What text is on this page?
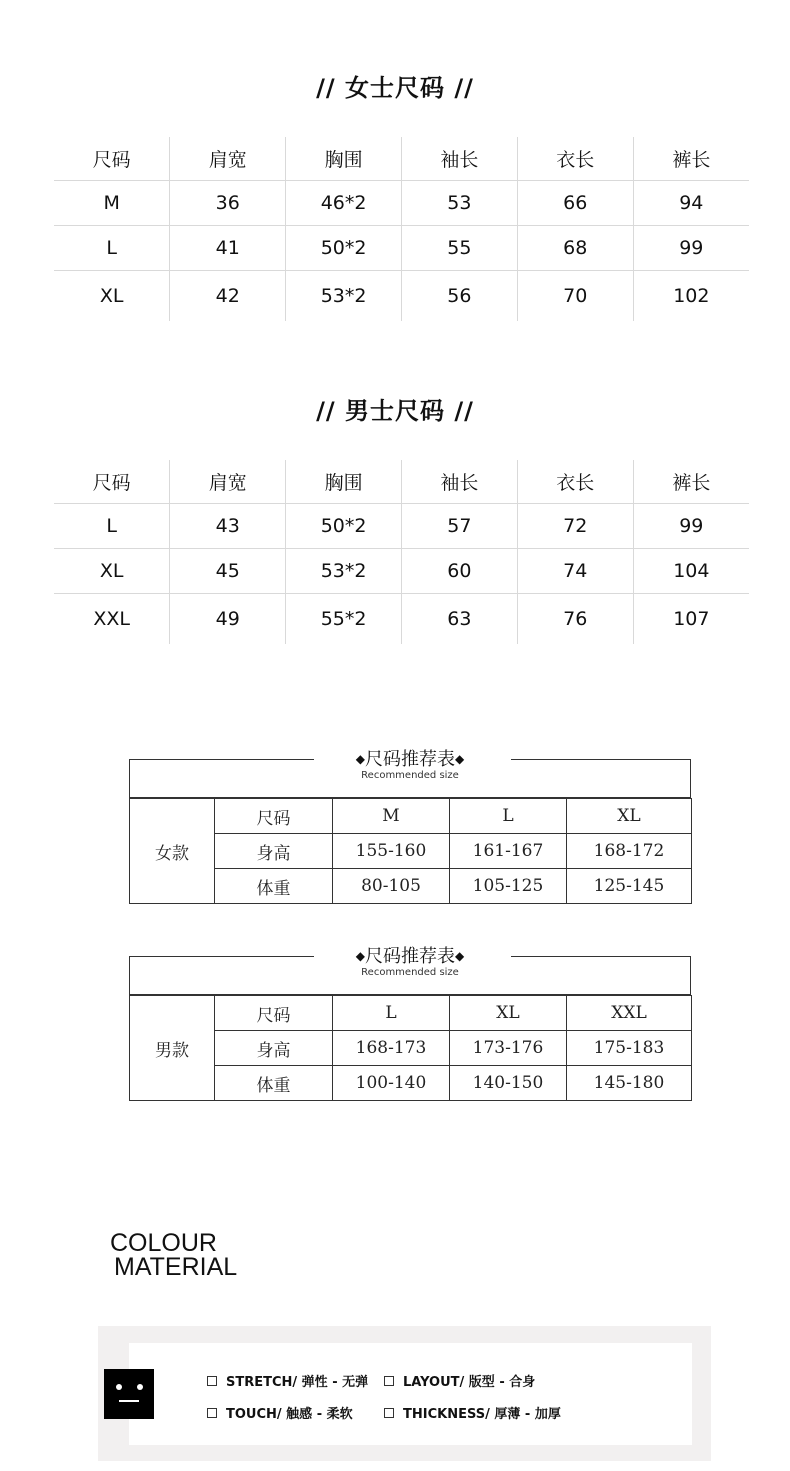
// 女士尺码 //
尺码	肩宽	胸围	袖长	衣长	裤长
M	36	46*2	53	66	94
L	41	50*2	55	68	99
XL	42	53*2	56	70	102
// 男士尺码 //
尺码	肩宽	胸围	袖长	衣长	裤长
L	43	50*2	57	72	99
XL	45	53*2	60	74	104
XXL	49	55*2	63	76	107
◆尺码推荐表◆
Recommended size
女款	尺码	M	L	XL
	身高	155-160	161-167	168-172
	体重	80-105	105-125	125-145
◆尺码推荐表◆
Recommended size
男款	尺码	L	XL	XXL
	身高	168-173	173-176	175-183
	体重	100-140	140-150	145-180
COLOUR
MATERIAL
STRETCH/ 弹性 - 无弹	LAYOUT/ 版型 - 合身
TOUCH/ 触感 - 柔软	THICKNESS/ 厚薄 - 加厚
